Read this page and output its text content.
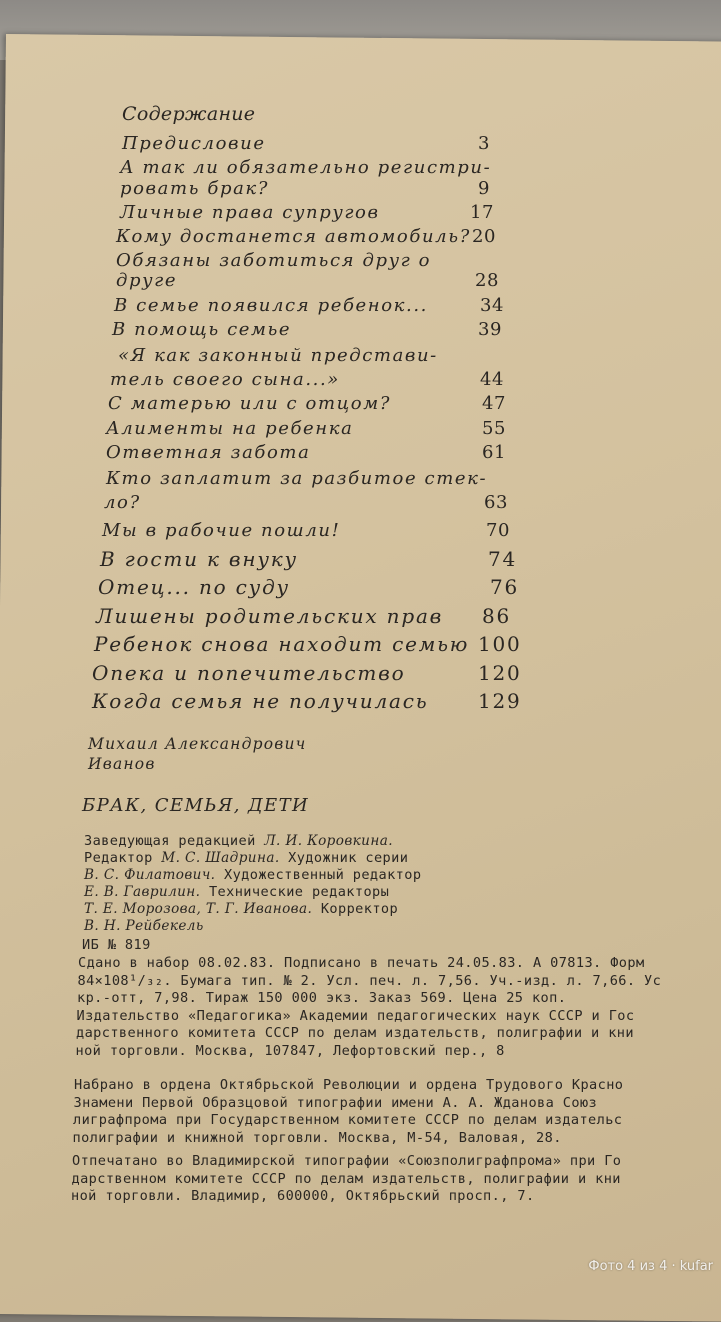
Содержание
Предисловие	3
А так ли обязательно регистри-
ровать брак?	9
Личные права супругов	17
Кому достанется автомобиль? 20
Обязаны заботиться друг о
друге	28
В семье появился ребенок...	34
В помощь семье	39
«Я как законный представи-
тель своего сына...»	44
С матерью или с отцом?	47
Алименты на ребенка	55
Ответная забота	61
Кто заплатит за разбитое стек-
ло?	63
Мы в рабочие пошли!	70
В гости к внуку	74
Отец... по суду	76
Лишены родительских прав 86
Ребенок снова находит семью 100
Опека и попечительство	120
Когда семья не получилась 129
Михаил Александрович
Иванов
БРАК, СЕМЬЯ, ДЕТИ
Заведующая редакцией Л. И. Коровкина.
Редактор М. С. Шадрина. Художник серии
В. С. Филатович. Художественный редактор
Е. В. Гаврилин. Технические редакторы
Т. Е. Морозова, Т. Г. Иванова. Корректор
В. Н. Рейбекель
ИБ № 819
Сдано в набор 08.02.83. Подписано в печать 24.05.83. А 07813. Форм
84×108¹/₃₂. Бумага тип. № 2. Усл. печ. л. 7,56. Уч.-изд. л. 7,66. Ус
кр.-отт, 7,98. Тираж 150 000 экз. Заказ 569. Цена 25 коп.
Издательство «Педагогика» Академии педагогических наук СССР и Гос
дарственного комитета СССР по делам издательств, полиграфии и кни
ной торговли. Москва, 107847, Лефортовский пер., 8
Набрано в ордена Октябрьской Революции и ордена Трудового Красно
Знамени Первой Образцовой типографии имени А. А. Жданова Союз
лиграфпрома при Государственном комитете СССР по делам издательс
полиграфии и книжной торговли. Москва, М-54, Валовая, 28.
Отпечатано во Владимирской типографии «Союзполиграфпрома» при Го
дарственном комитете СССР по делам издательств, полиграфии и кни
ной торговли. Владимир, 600000, Октябрьский просп., 7.
Фото 4 из 4 · kufar
